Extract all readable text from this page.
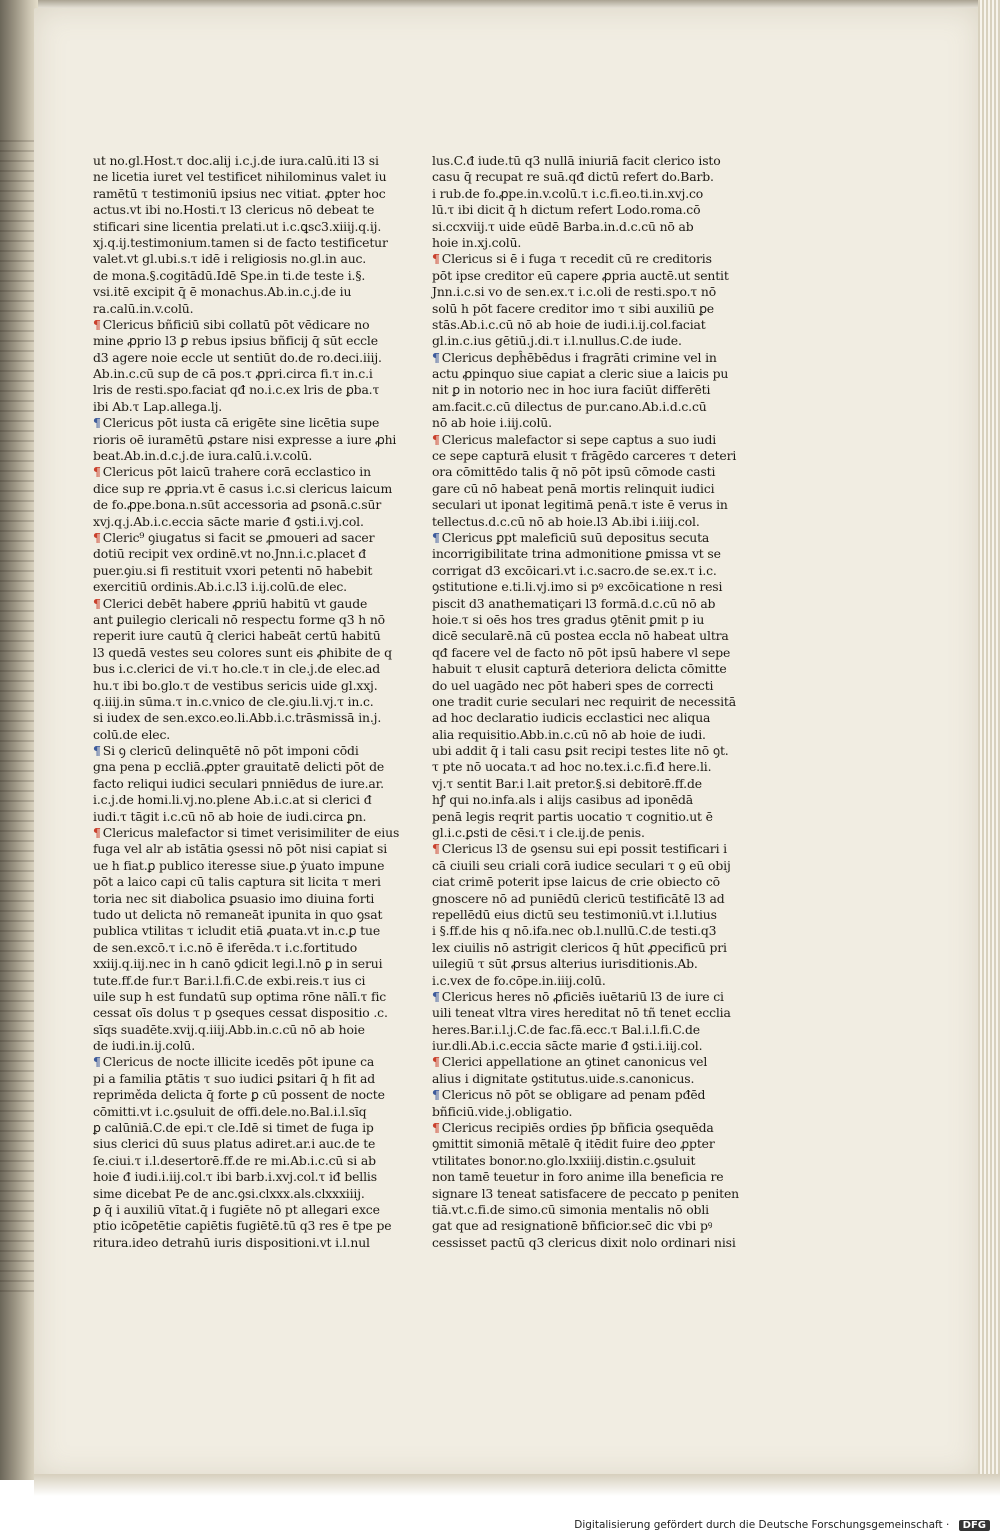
ut no.gl.Host.τ doc.alij i.c.j.de iura.calū.iti l3 si
ne licetia iuret vel testificet nihilominus valet iu
ramētū τ testimoniū ipsius nec vitiat. ꝓpter hoc
actus.vt ibi no.Hosti.τ l3 clericus nō debeat te
stificari sine licentia prelati.ut i.c.ꝗsc3.xiiij.q.ij.
xj.q.ij.testimonium.tamen si de facto testificetur
valet.vt gl.ubi.s.τ idē i religiosis no.gl.in auc.
de mona.§.cogitādū.Idē Spe.in ti.de teste i.§.
vsi.itē excipit q̄ ē monachus.Ab.in.c.j.de iu
ra.calū.in.v.colū.
¶ Clericus bñficiū sibi collatū pōt vēdicare no
mine ꝓprio l3 ꝑ rebus ipsius bñficij q̄ sūt eccle
d3 agere noie eccle ut sentiūt do.de ro.deci.iiij.
Ab.in.c.cū sup de cā pos.τ ꝓpri.circa fi.τ in.c.i
lris de resti.spo.faciat qđ no.i.c.ex lris de ꝑba.τ
ibi Ab.τ Lap.allega.lj.
¶ Clericus pōt iusta cā erigēte sine licētia supe
rioris oē iuramētū ꝓstare nisi expresse a iure ꝓhi
beat.Ab.in.d.c.j.de iura.calū.i.v.colū.
¶ Clericus pōt laicū trahere corā ecclastico in
dice sup re ꝓpria.vt ē casus i.c.si clericus laicum
de fo.ꝓpe.bona.n.sūt accessoria ad ꝑsonā.c.sūr
xvj.q.j.Ab.i.c.eccia sācte marie đ ꝯsti.i.vj.col.
¶ Cleric⁹ ꝯiugatus si facit se ꝓmoueri ad sacer
dotiū recipit vex ordinē.vt no.Jnn.i.c.placet đ
puer.ꝯiu.si fi restituit vxori petenti nō habebit
exercitiū ordinis.Ab.i.c.l3 i.ij.colū.de elec.
¶ Clerici debēt habere ꝓpriū habitū vt gaude
ant ꝑuilegio clericali nō respectu forme q3 h nō
reperit iure cautū q̄ clerici habeāt certū habitū
l3 quedā vestes seu colores sunt eis ꝓhibite de q
bus i.c.clerici de vi.τ ho.cle.τ in cle.j.de elec.ad
hu.τ ibi bo.glo.τ de vestibus sericis uide gl.xxj.
q.iiij.in sūma.τ in.c.vnico de cle.ꝯiu.li.vj.τ in.c.
si iudex de sen.exco.eo.li.Abb.i.c.trāsmissā in.j.
colū.de elec.
¶ Si ꝯ clericū delinquētē nō pōt imponi cōdi
gna pena p eccliā.ꝓpter grauitatē delicti pōt de
facto reliqui iudici seculari pnniēdus de iure.ar.
i.c.j.de homi.li.vj.no.plene Ab.i.c.at si clerici đ
iudi.τ tāgit i.c.cū nō ab hoie de iudi.circa ꝑn.
¶ Clericus malefactor si timet verisimiliter de eius
fuga vel alr ab istātia ꝯsessi nō pōt nisi capiat si
ue h fiat.ꝑ publico iteresse siue.ꝑ ẏuato impune
pōt a laico capi cū talis captura sit licita τ meri
toria nec sit diabolica ꝑsuasio imo diuina forti
tudo ut delicta nō remaneāt ipunita in quo ꝯsat
publica vtilitas τ icludit etiā ꝓuata.vt in.c.ꝑ tue
de sen.excō.τ i.c.nō ē iferēda.τ i.c.fortitudo
xxiij.q.iij.nec in h canō ꝯdicit legi.l.nō ꝑ in serui
tute.ff.de fur.τ Bar.i.l.fi.C.de exbi.reis.τ ius ci
uile sup h est fundatū sup optima rōne nālī.τ fic
cessat oīs dolus τ p ꝯseques cessat dispositio .c.
sīqs suadēte.xvij.q.iiij.Abb.in.c.cū nō ab hoie
de iudi.in.ij.colū.
¶ Clericus de nocte illicite icedēs pōt ipune ca
pi a familia ꝑtātis τ suo iudici ꝑsitari q̄ h fit ad
repriměda delicta q̄ forte ꝑ cū possent de nocte
cōmitti.vt i.c.ꝯsuluit de offi.dele.no.Bal.i.l.sīq
ꝑ calūniā.C.de epi.τ cle.Idē si timet de fuga ip
sius clerici dū suus platus adiret.ar.i auc.de te
ſe.ciui.τ i.l.desertorē.ff.de re mi.Ab.i.c.cū si ab
hoie đ iudi.i.iij.col.τ ibi barb.i.xvj.col.τ iđ bellis
sime dicebat Pe de anc.ꝯsi.clxxx.als.clxxxiiij.
ꝑ q̄ i auxiliū vītat.q̄ i fugiēte nō pt allegari exce
ptio icōꝑetētie capiētis fugiētē.tū q3 res ē tpe pe
ritura.ideo detrahū iuris dispositioni.vt i.l.nul
lus.C.đ iude.tū q3 nullā iniuriā facit clerico isto
casu q̄ recupat re suā.qđ dictū refert do.Barb.
i rub.de fo.ꝓpe.in.v.colū.τ i.c.fi.eo.ti.in.xvj.co
lū.τ ibi dicit q̄ h dictum refert Lodo.roma.cō
si.ccxviij.τ uide eūdē Barba.in.d.c.cū nō ab
hoie in.xj.colū.
¶ Clericus si ē i fuga τ recedit cū re creditoris
pōt ipse creditor eū capere ꝓpria auctē.ut sentit
Jnn.i.c.si vo de sen.ex.τ i.c.oli de resti.spo.τ nō
solū h pōt facere creditor imo τ sibi auxiliū ꝑe
stās.Ab.i.c.cū nō ab hoie de iudi.i.ij.col.faciat
gl.in.c.ius gētiū.j.di.τ i.l.nullus.C.de iude.
¶ Clericus depĥēbēdus i fragrāti crimine vel in
actu ꝓpinquo siue capiat a cleric siue a laicis pu
nit ꝑ in notorio nec in hoc iura faciūt differēti
am.facit.c.cū dilectus de pur.cano.Ab.i.d.c.cū
nō ab hoie i.iij.colū.
¶ Clericus malefactor si sepe captus a suo iudi
ce sepe capturā elusit τ frāgēdo carceres τ deteri
ora cōmittēdo talis q̄ nō pōt ipsū cōmode casti
gare cū nō habeat penā mortis relinquit iudici
seculari ut iponat legitimā penā.τ iste ē verus in
tellectus.d.c.cū nō ab hoie.l3 Ab.ibi i.iiij.col.
¶ Clericus ꝑpt maleficiū suū depositus secuta
incorrigibilitate trina admonitione ꝑmissa vt se
corrigat d3 excōicari.vt i.c.sacro.de se.ex.τ i.c.
ꝯstitutione e.ti.li.vj.imo si pꝰ excōicatione n resi
piscit d3 anathematiçari l3 formā.d.c.cū nō ab
hoie.τ si oēs hos tres gradus ꝯtēnit ꝑmit p iu
dicē secularē.nā cū postea eccla nō habeat ultra
qđ facere vel de facto nō pōt ipsū habere vl sepe
habuit τ elusit capturā deteriora delicta cōmitte
do uel uagādo nec pōt haberi spes de correcti
one tradit curie seculari nec requirit de necessitā
ad hoc declaratio iudicis ecclastici nec aliqua
alia requisitio.Abb.in.c.cū nō ab hoie de iudi.
ubi addit q̄ i tali casu ꝑsit recipi testes lite nō ꝯt.
τ pte nō uocata.τ ad hoc no.tex.i.c.fi.đ here.li.
vj.τ sentit Bar.i l.ait pretor.§.si debitorē.ff.de
hꝭ qui no.infa.als i alijs casibus ad iponēdā
penā legis reqrit partis uocatio τ cognitio.ut ē
gl.i.c.ꝑsti de cēsi.τ i cle.ij.de penis.
¶ Clericus l3 de ꝯsensu sui epi possit testificari i
cā ciuili seu criali corā iudice seculari τ ꝯ eū obij
ciat crimē poterit ipse laicus de crie obiecto cō
gnoscere nō ad puniēdū clericū testificātē l3 ad
repellēdū eius dictū seu testimoniū.vt i.l.lutius
i §.ff.de his q nō.ifa.nec ob.l.nullū.C.de testi.q3
lex ciuilis nō astrigit clericos q̄ hūt ꝓpecificū pri
uilegiū τ sūt ꝓrsus alterius iurisditionis.Ab.
i.c.vex de fo.cōpe.in.iiij.colū.
¶ Clericus heres nō ꝓficiēs iuētariū l3 de iure ci
uili teneat vltra vires hereditat nō tñ tenet ecclia
heres.Bar.i.l.j.C.de fac.fā.ecc.τ Bal.i.l.fi.C.de
iur.dli.Ab.i.c.eccia sācte marie đ ꝯsti.i.iij.col.
¶ Clerici appellatione an ꝯtinet canonicus vel
alius i dignitate ꝯstitutus.uide.s.canonicus.
¶ Clericus nō pōt se obligare ad penam pđēd
bñficiū.vide.j.obligatio.
¶ Clericus recipiēs ordies p̄p bñficia ꝯsequēda
ꝯmittit simoniā mētalē q̄ itēdit fuire deo ꝓpter
vtilitates bonor.no.glo.lxxiiij.distin.c.ꝯsuluit
non tamē teuetur in foro anime illa beneficia re
signare l3 teneat satisfacere de peccato p peniten
tiā.vt.c.fi.de simo.cū simonia mentalis nō obli
gat que ad resignationē bñficior.sec̄ dic vbi pꝰ
cessisset pactū q3 clericus dixit nolo ordinari nisi
Digitalisierung gefördert durch die Deutsche Forschungsgemeinschaft · DFG
